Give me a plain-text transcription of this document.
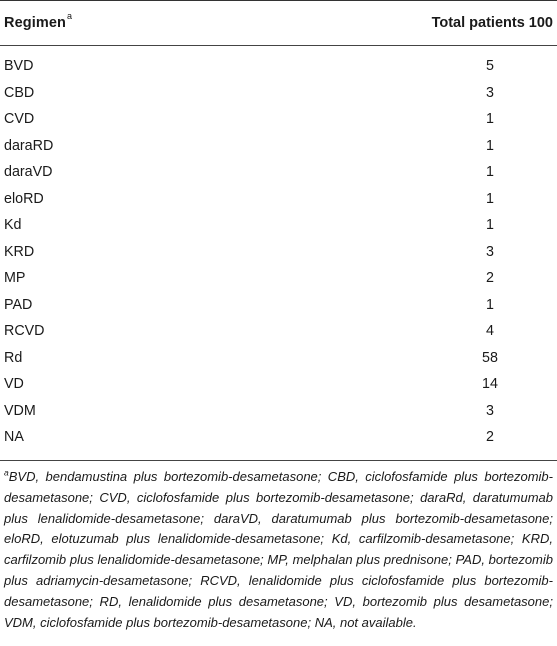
Regimen$^a$	Total patients 100
BVD	5
CBD	3
CVD	1
daraRD	1
daraVD	1
eloRD	1
Kd	1
KRD	3
MP	2
PAD	1
RCVD	4
Rd	58
VD	14
VDM	3
NA	2
$^a$BVD, bendamustina plus bortezomib-desametasone; CBD, ciclofosfamide plus bortezomib-desametasone; CVD, ciclofosfamide plus bortezomib-desametasone; daraRd, daratumumab plus lenalidomide-desametasone; daraVD, daratumumab plus bortezomib-desametasone; eloRD, elotuzumab plus lenalidomide-desametasone; Kd, carfilzomib-desametasone; KRD, carfilzomib plus lenalidomide-desametasone; MP, melphalan plus prednisone; PAD, bortezomib plus adriamycin-desametasone; RCVD, lenalidomide plus ciclofosfamide plus bortezomib-desametasone; RD, lenalidomide plus desametasone; VD, bortezomib plus desametasone; VDM, ciclofosfamide plus bortezomib-desametasone; NA, not available.
